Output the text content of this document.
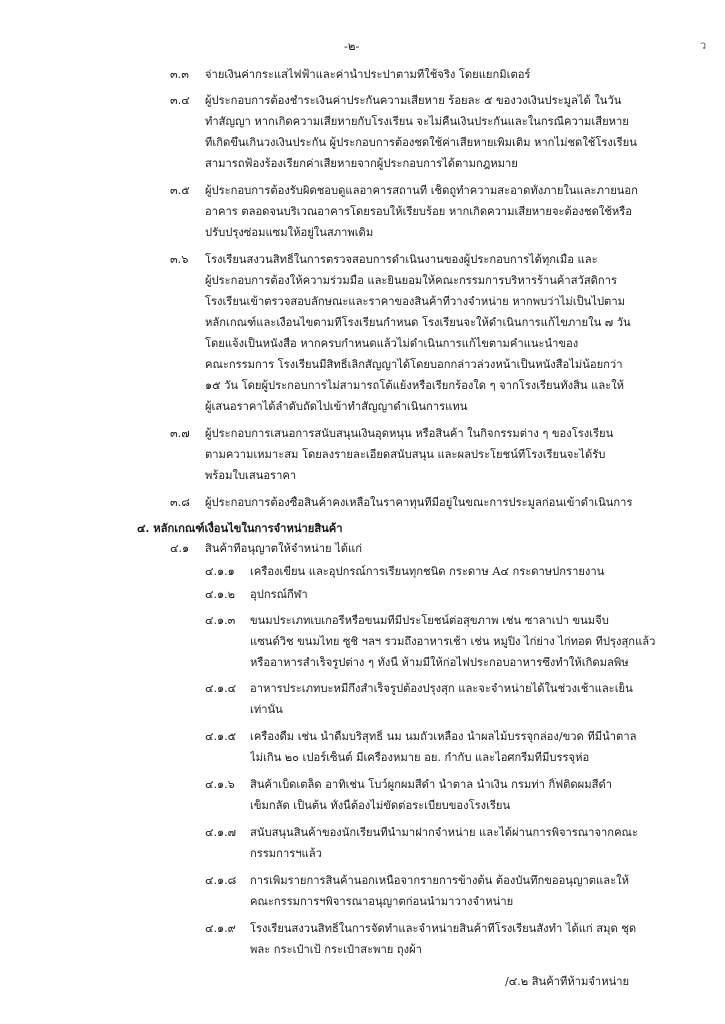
-๒-	ว
๓.๓ จ่ายเงินค่ากระแสไฟฟ้าและค่าน้ำประปาตามที่ใช้จริง โดยแยกมิเตอร์
๓.๔ ผู้ประกอบการต้องชำระเงินค่าประกันความเสียหาย ร้อยละ ๕ ของวงเงินประมูลได้ ในวัน
ทำสัญญา หากเกิดความเสียหายกับโรงเรียน จะไม่คืนเงินประกันและในกรณีความเสียหาย
ที่เกิดขึ้นเกินวงเงินประกัน ผู้ประกอบการต้องชดใช้ค่าเสียหายเพิ่มเติม หากไม่ชดใช้โรงเรียน
สามารถฟ้องร้องเรียกค่าเสียหายจากผู้ประกอบการได้ตามกฎหมาย
๓.๕ ผู้ประกอบการต้องรับผิดชอบดูแลอาคารสถานที่ เช็ดถูทำความสะอาดทั้งภายในและภายนอก
อาคาร ตลอดจนบริเวณอาคารโดยรอบให้เรียบร้อย หากเกิดความเสียหายจะต้องชดใช้หรือ
ปรับปรุงซ่อมแซมให้อยู่ในสภาพเดิม
๓.๖ โรงเรียนสงวนสิทธิ์ในการตรวจสอบการดำเนินงานของผู้ประกอบการได้ทุกเมื่อ และ
ผู้ประกอบการต้องให้ความร่วมมือ และยินยอมให้คณะกรรมการบริหารร้านค้าสวัสดิการ
โรงเรียนเข้าตรวจสอบลักษณะและราคาของสินค้าที่วางจำหน่าย หากพบว่าไม่เป็นไปตาม
หลักเกณฑ์และเงื่อนไขตามที่โรงเรียนกำหนด โรงเรียนจะให้ดำเนินการแก้ไขภายใน ๗ วัน
โดยแจ้งเป็นหนังสือ หากครบกำหนดแล้วไม่ดำเนินการแก้ไขตามคำแนะนำของ
คณะกรรมการ โรงเรียนมีสิทธิ์เลิกสัญญาได้โดยบอกกล่าวล่วงหน้าเป็นหนังสือไม่น้อยกว่า
๑๕ วัน โดยผู้ประกอบการไม่สามารถโต้แย้งหรือเรียกร้องใด ๆ จากโรงเรียนทั้งสิ้น และให้
ผู้เสนอราคาได้ลำดับถัดไปเข้าทำสัญญาดำเนินการแทน
๓.๗ ผู้ประกอบการเสนอการสนับสนุนเงินอุดหนุน หรือสินค้า ในกิจกรรมต่าง ๆ ของโรงเรียน
ตามความเหมาะสม โดยลงรายละเอียดสนับสนุน และผลประโยชน์ที่โรงเรียนจะได้รับ
พร้อมใบเสนอราคา
๓.๘ ผู้ประกอบการต้องซื้อสินค้าคงเหลือในราคาทุนที่มีอยู่ในขณะการประมูลก่อนเข้าดำเนินการ
๔. หลักเกณฑ์เงื่อนไขในการจำหน่ายสินค้า
๔.๑ สินค้าที่อนุญาตให้จำหน่าย ได้แก่
๔.๑.๑ เครื่องเขียน และอุปกรณ์การเรียนทุกชนิด กระดาษ A๔ กระดาษปกรายงาน
๔.๑.๒ อุปกรณ์กีฬา
๔.๑.๓ ขนมประเภทเบเกอรี่หรือขนมที่มีประโยชน์ต่อสุขภาพ เช่น ซาลาเปา ขนมจีบ
แซนด์วิช ขนมไทย ซูชิ ฯลฯ รวมถึงอาหารเช้า เช่น หมูปิ้ง ไก่ย่าง ไก่ทอด ที่ปรุงสุกแล้ว
หรืออาหารสำเร็จรูปต่าง ๆ ทั้งนี้ ห้ามมีให้ก่อไฟประกอบอาหารซึ่งทำให้เกิดมลพิษ
๔.๑.๔ อาหารประเภทบะหมี่กึ่งสำเร็จรูปต้องปรุงสุก และจะจำหน่ายได้ในช่วงเช้าและเย็น
เท่านั้น
๔.๑.๕ เครื่องดื่ม เช่น น้ำดื่มบริสุทธิ์ นม นมถั่วเหลือง น้ำผลไม้บรรจุกล่อง/ขวด ที่มีน้ำตาล
ไม่เกิน ๒๐ เปอร์เซ็นต์ มีเครื่องหมาย อย. กำกับ และไอศกรีมที่มีบรรจุห่อ
๔.๑.๖ สินค้าเบ็ดเตล็ด อาทิเช่น โบว์ผูกผมสีดำ น้ำตาล น้ำเงิน กรมท่า กิ๊ฟติดผมสีดำ
เข็มกลัด เป็นต้น ทั้งนี้ต้องไม่ขัดต่อระเบียบของโรงเรียน
๔.๑.๗ สนับสนุนสินค้าของนักเรียนที่นำมาฝากจำหน่าย และได้ผ่านการพิจารณาจากคณะ
กรรมการฯแล้ว
๔.๑.๘ การเพิ่มรายการสินค้านอกเหนือจากรายการข้างต้น ต้องบันทึกขออนุญาตและให้
คณะกรรมการฯพิจารณาอนุญาตก่อนนำมาวางจำหน่าย
๔.๑.๙ โรงเรียนสงวนสิทธิ์ในการจัดทำและจำหน่ายสินค้าที่โรงเรียนสั่งทำ ได้แก่ สมุด ชุด
พละ กระเป๋าเป้ กระเป๋าสะพาย ถุงผ้า
/๔.๒ สินค้าที่ห้ามจำหน่าย
